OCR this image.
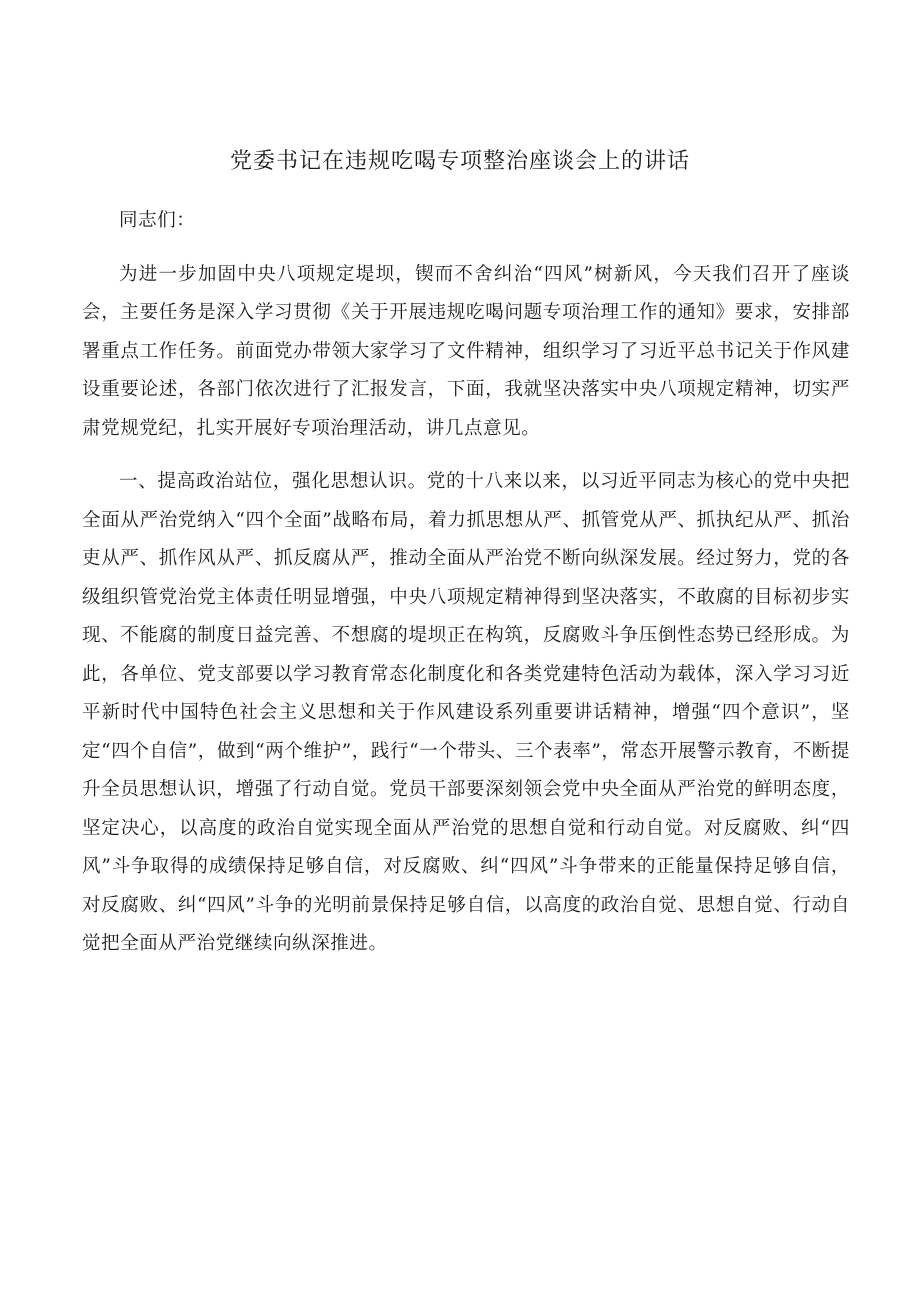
党委书记在违规吃喝专项整治座谈会上的讲话

同志们：

为进一步加固中央八项规定堤坝，锲而不舍纠治“四风”树新风，今天我们召开了座谈会，主要任务是深入学习贯彻《关于开展违规吃喝问题专项治理工作的通知》要求，安排部署重点工作任务。前面党办带领大家学习了文件精神，组织学习了习近平总书记关于作风建设重要论述，各部门依次进行了汇报发言，下面，我就坚决落实中央八项规定精神，切实严肃党规党纪，扎实开展好专项治理活动，讲几点意见。

一、提高政治站位，强化思想认识。党的十八来以来，以习近平同志为核心的党中央把全面从严治党纳入“四个全面”战略布局，着力抓思想从严、抓管党从严、抓执纪从严、抓治吏从严、抓作风从严、抓反腐从严，推动全面从严治党不断向纵深发展。经过努力，党的各级组织管党治党主体责任明显增强，中央八项规定精神得到坚决落实，不敢腐的目标初步实现、不能腐的制度日益完善、不想腐的堤坝正在构筑，反腐败斗争压倒性态势已经形成。为此，各单位、党支部要以学习教育常态化制度化和各类党建特色活动为载体，深入学习习近平新时代中国特色社会主义思想和关于作风建设系列重要讲话精神，增强“四个意识”，坚定“四个自信”，做到“两个维护”，践行“一个带头、三个表率”，常态开展警示教育，不断提升全员思想认识，增强了行动自觉。党员干部要深刻领会党中央全面从严治党的鲜明态度，坚定决心，以高度的政治自觉实现全面从严治党的思想自觉和行动自觉。对反腐败、纠“四风”斗争取得的成绩保持足够自信，对反腐败、纠“四风”斗争带来的正能量保持足够自信，对反腐败、纠“四风”斗争的光明前景保持足够自信，以高度的政治自觉、思想自觉、行动自觉把全面从严治党继续向纵深推进。
